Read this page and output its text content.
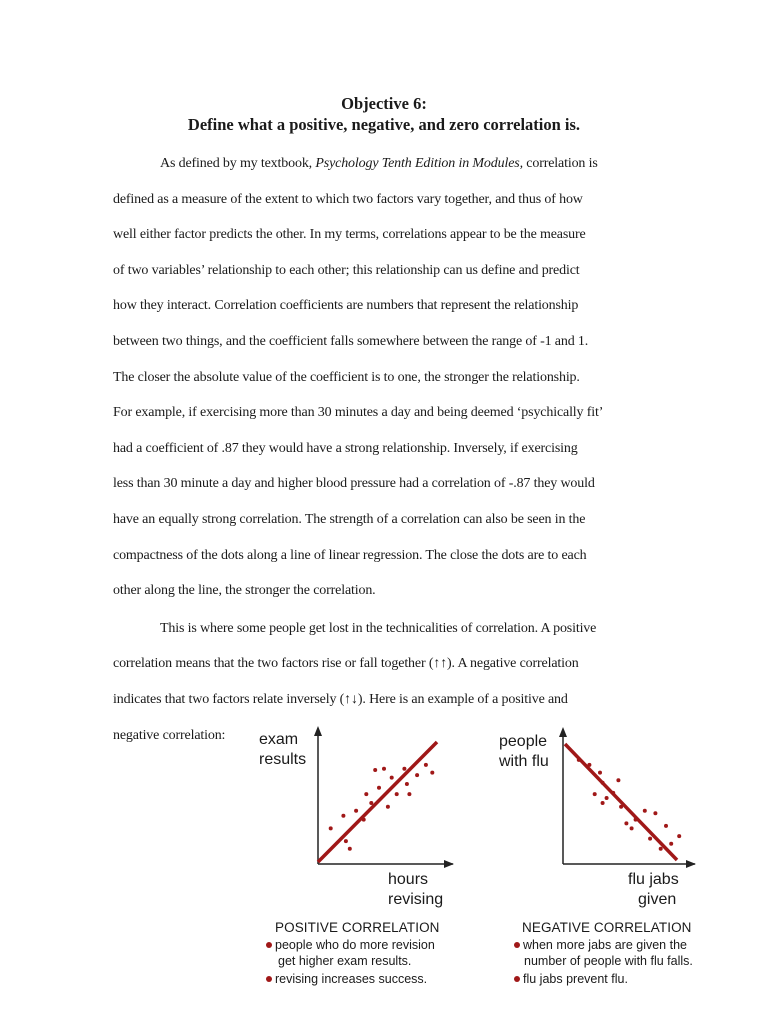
Objective 6:
Define what a positive, negative, and zero correlation is.
As defined by my textbook, Psychology Tenth Edition in Modules, correlation is
defined as a measure of the extent to which two factors vary together, and thus of how
well either factor predicts the other. In my terms, correlations appear to be the measure
of two variables’ relationship to each other; this relationship can us define and predict
how they interact. Correlation coefficients are numbers that represent the relationship
between two things, and the coefficient falls somewhere between the range of -1 and 1.
The closer the absolute value of the coefficient is to one, the stronger the relationship.
For example, if exercising more than 30 minutes a day and being deemed ‘psychically fit’
had a coefficient of .87 they would have a strong relationship. Inversely, if exercising
less than 30 minute a day and higher blood pressure had a correlation of -.87 they would
have an equally strong correlation. The strength of a correlation can also be seen in the
compactness of the dots along a line of linear regression. The close the dots are to each
other along the line, the stronger the correlation.
This is where some people get lost in the technicalities of correlation. A positive
correlation means that the two factors rise or fall together (↑↑). A negative correlation
indicates that two factors relate inversely (↑↓). Here is an example of a positive and
negative correlation:	exam
results
hours
revising
people
with flu
flu jabs
given
POSITIVE CORRELATION
people who do more revision
get higher exam results.
revising increases success.
NEGATIVE CORRELATION
when more jabs are given the
number of people with flu falls.
flu jabs prevent flu.
